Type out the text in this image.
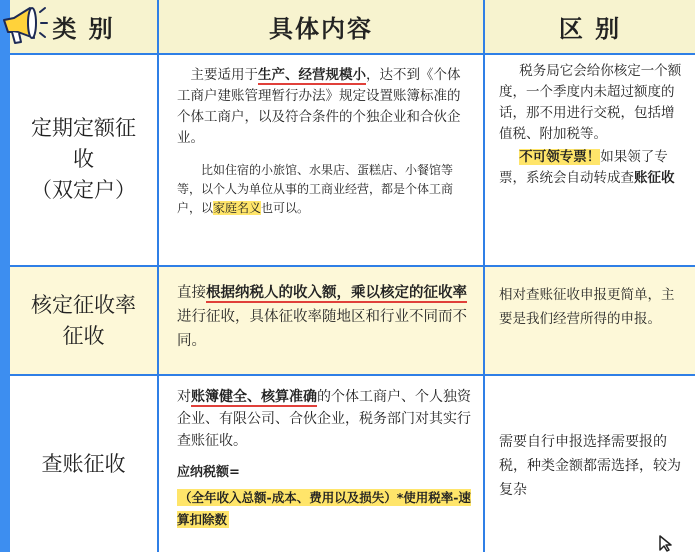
类 别	具体内容	区 别
定期定额征
收
（双定户）
主要适用于生产、经营规模小，达不到《个体工商户建账管理暂行办法》规定设置账簿标准的个体工商户，以及符合条件的个独企业和合伙企业。
比如住宿的小旅馆、水果店、蛋糕店、小餐馆等等，以个人为单位从事的工商业经营，都是个体工商户，以家庭名义也可以。
税务局它会给你核定一个额度，一个季度内未超过额度的话，那不用进行交税，包括增值税、附加税等。
不可领专票！如果领了专票，系统会自动转成查账征收
核定征收率
征收
直接根据纳税人的收入额，乘以核定的征收率进行征收，具体征收率随地区和行业不同而不同。
相对查账征收申报更简单，主要是我们经营所得的申报。
查账征收
对账簿健全、核算准确的个体工商户、个人独资企业、有限公司、合伙企业，税务部门对其实行查账征收。
应纳税额=
（全年收入总额-成本、费用以及损失）*使用税率-速算扣除数
需要自行申报选择需要报的税，种类金额都需选择，较为复杂
